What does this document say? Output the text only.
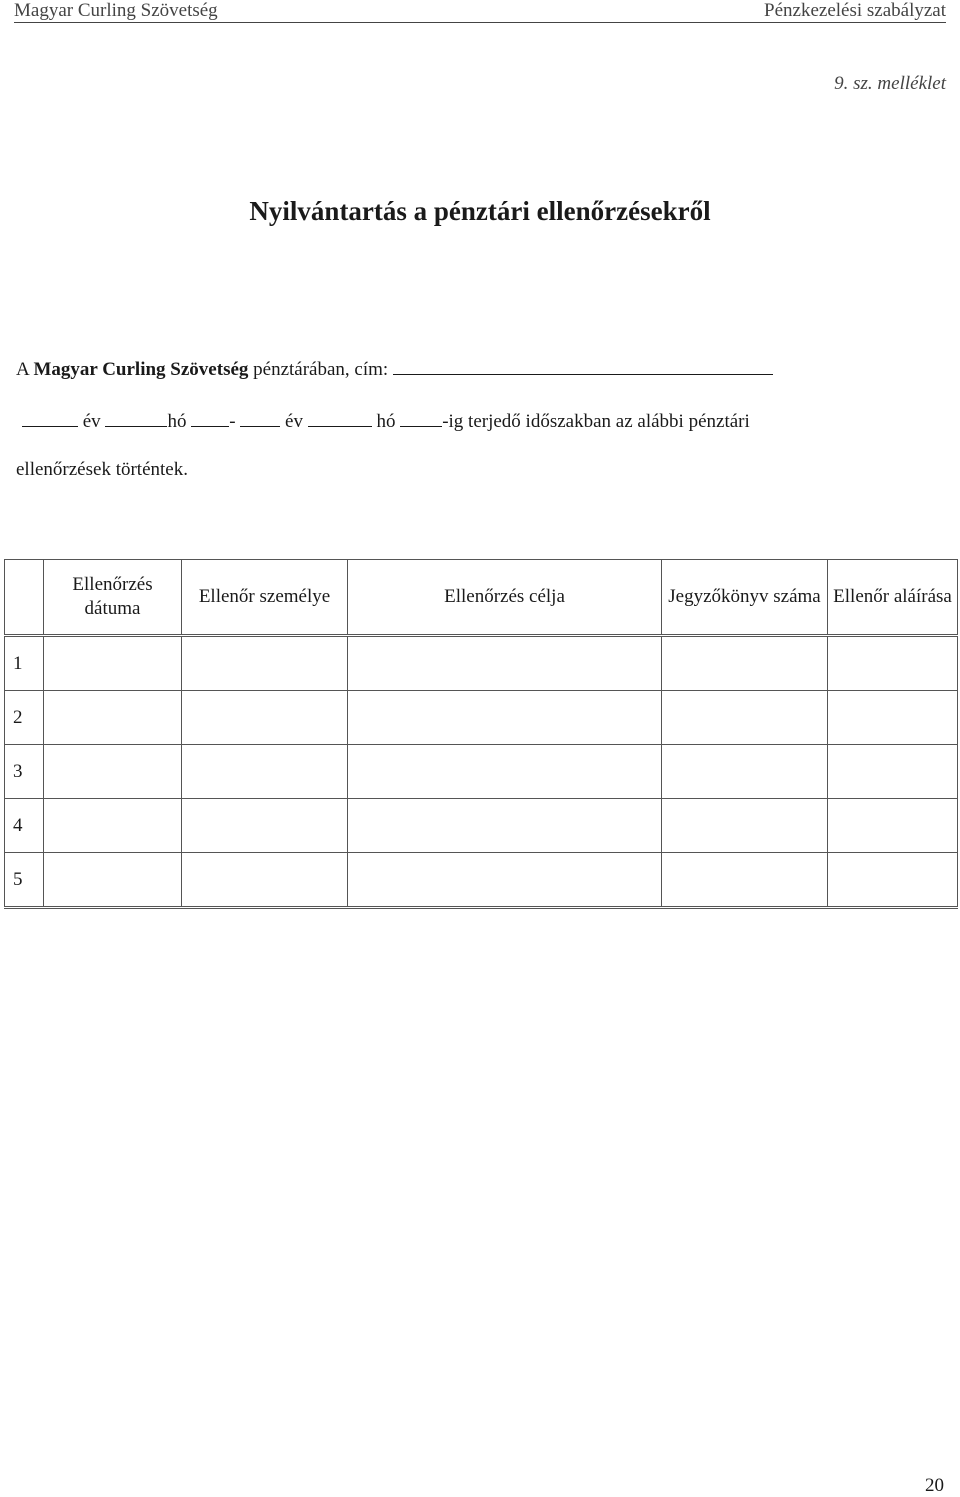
Magyar Curling Szövetség	Pénzkezelési szabályzat
9. sz. melléklet
Nyilvántartás a pénztári ellenőrzésekről
A Magyar Curling Szövetség pénztárában, cím:
év	hó -	év	hó -ig terjedő időszakban az alábbi pénztári
ellenőrzések történtek.
	Ellenőrzés dátuma	Ellenőr személye	Ellenőrzés célja	Jegyzőkönyv száma	Ellenőr aláírása
1					
2					
3					
4					
5					
20
